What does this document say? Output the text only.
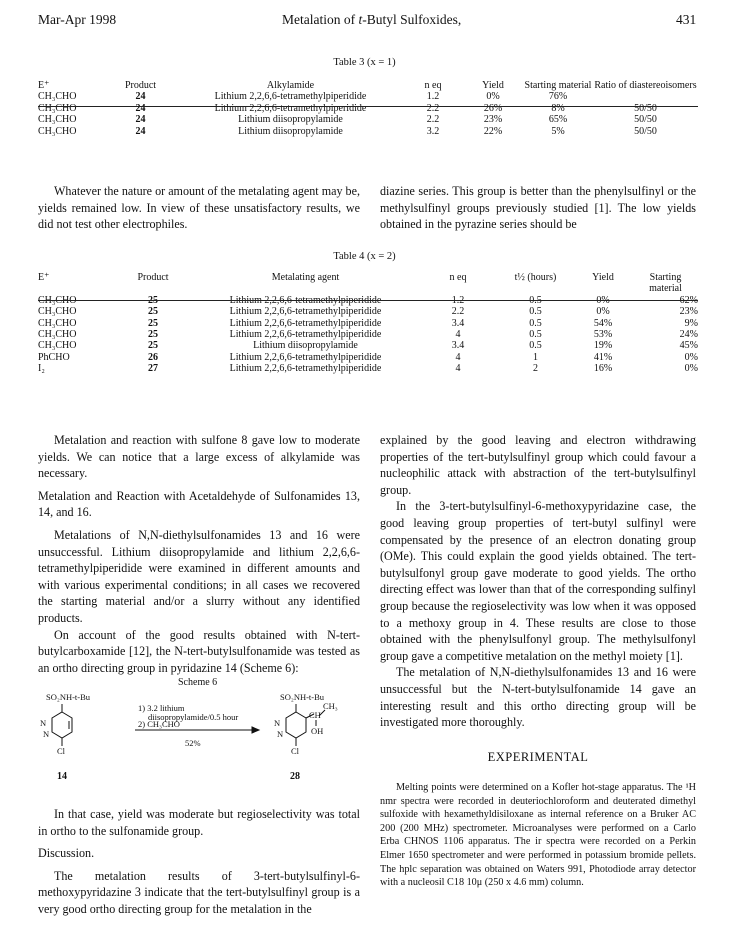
Mar-Apr 1998	Metalation of t-Butyl Sulfoxides,	431
Table 3 (x = 1)
E⁺	Product	Alkylamide	n eq	Yield	Starting material	Ratio of diastereoisomers
CH₃CHO	24	Lithium 2,2,6,6-tetramethylpiperidide	1.2	0%	76%	
CH₃CHO	24	Lithium 2,2,6,6-tetramethylpiperidide	2.2	26%	8%	50/50
CH₃CHO	24	Lithium diisopropylamide	2.2	23%	65%	50/50
CH₃CHO	24	Lithium diisopropylamide	3.2	22%	5%	50/50

Whatever the nature or amount of the metalating agent may be, yields remained low. In view of these unsatisfactory results, we did not test other electrophiles.

diazine series. This group is better than the phenylsulfinyl or the methylsulfinyl groups previously studied [1]. The low yields obtained in the pyrazine series should be

Table 4 (x = 2)
E⁺	Product	Metalating agent	n eq	t½ (hours)	Yield	Starting material
CH₃CHO	25	Lithium 2,2,6,6-tetramethylpiperidide	1.2	0.5	0%	62%
CH₃CHO	25	Lithium 2,2,6,6-tetramethylpiperidide	2.2	0.5	0%	23%
CH₃CHO	25	Lithium 2,2,6,6-tetramethylpiperidide	3.4	0.5	54%	9%
CH₃CHO	25	Lithium 2,2,6,6-tetramethylpiperidide	4	0.5	53%	24%
CH₃CHO	25	Lithium diisopropylamide	3.4	0.5	19%	45%
PhCHO	26	Lithium 2,2,6,6-tetramethylpiperidide	4	1	41%	0%
I₂	27	Lithium 2,2,6,6-tetramethylpiperidide	4	2	16%	0%

Metalation and reaction with sulfone 8 gave low to moderate yields. We can notice that a large excess of alkylamide was necessary.

Metalation and Reaction with Acetaldehyde of Sulfonamides 13, 14, and 16.

Metalations of N,N-diethylsulfonamides 13 and 16 were unsuccessful. Lithium diisopropylamide and lithium 2,2,6,6-tetramethylpiperidide were examined in different amounts and with various experimental conditions; in all cases we recovered the starting material and/or a slurry without any identified products.

On account of the good results obtained with N-tert-butylcarboxamide [12], the N-tert-butylsulfonamide was tested as an ortho directing group in pyridazine 14 (Scheme 6):

Scheme 6
SO₂NH-t-Bu
N
N
Cl
1) 3.2 lithium
diisopropylamide/0.5 hour
2) CH₃CHO
52%
SO₂NH-t-Bu
N
N
CH
CH₃
OH
Cl
14	28

In that case, yield was moderate but regioselectivity was total in ortho to the sulfonamide group.

Discussion.

The metalation results of 3-tert-butylsulfinyl-6-methoxypyridazine 3 indicate that the tert-butylsulfinyl group is a very good ortho directing group for the metalation in the

explained by the good leaving and electron withdrawing properties of the tert-butylsulfinyl group which could favour a nucleophilic attack with abstraction of the tert-butylsulfinyl group.

In the 3-tert-butylsulfinyl-6-methoxypyridazine case, the good leaving group properties of tert-butyl sulfinyl were compensated by the presence of an electron donating group (OMe). This could explain the good yields obtained. The tert-butylsulfonyl group gave moderate to good yields. The ortho directing effect was lower than that of the corresponding sulfinyl group because the regioselectivity was low when it was opposed to a methoxy group in 4. These results are close to those obtained with the phenylsulfonyl group. The methylsulfonyl group gave a competitive metalation on the methyl moiety [1].

The metalation of N,N-diethylsulfonamides 13 and 16 were unsuccessful but the N-tert-butylsulfonamide 14 gave an interesting result and this ortho directing group will be investigated more thoroughly.

EXPERIMENTAL

Melting points were determined on a Kofler hot-stage apparatus. The ¹H nmr spectra were recorded in deuteriochloroform and deuterated dimethyl sulfoxide with hexamethyldisiloxane as internal reference on a Bruker AC 200 (200 MHz) spectrometer. Microanalyses were performed on a Carlo Erba CHNOS 1106 apparatus. The ir spectra were recorded on a Perkin Elmer 1650 spectrometer and were performed in potassium bromide pellets. The hplc separation was obtained on Waters 991, Photodiode array detector with a nucleosil C18 10μ (250 x 4.6 mm) column.
